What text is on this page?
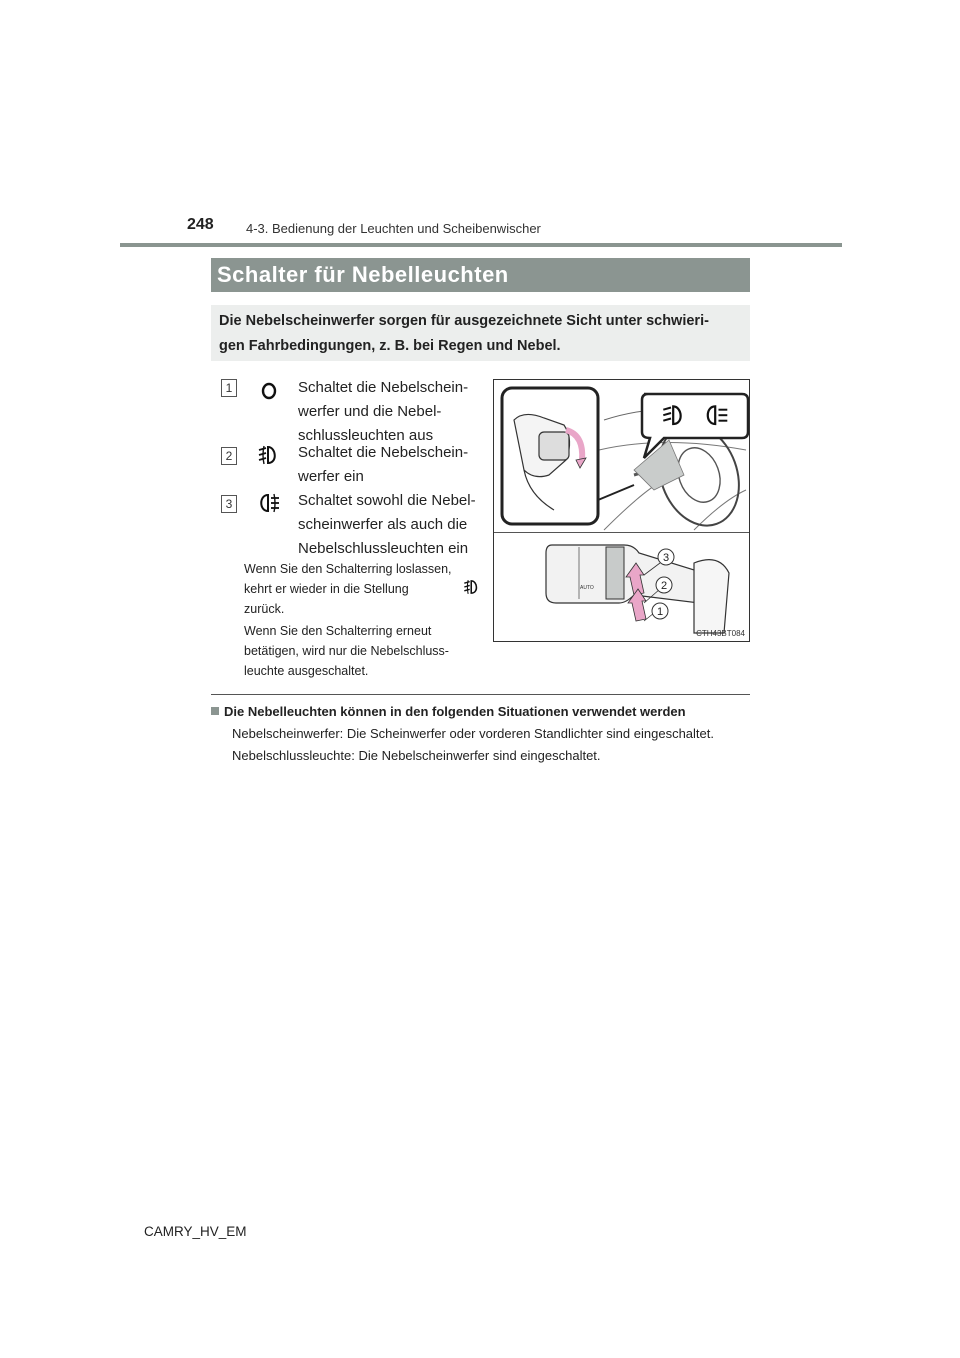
248 4-3. Bedienung der Leuchten und Scheibenwischer
Schalter für Nebelleuchten
Die Nebelscheinwerfer sorgen für ausgezeichnete Sicht unter schwieri-
gen Fahrbedingungen, z. B. bei Regen und Nebel.
1	Schaltet die Nebelschein-
werfer und die Nebel-
schlussleuchten aus
2	Schaltet die Nebelschein-
werfer ein
3	Schaltet sowohl die Nebel-
scheinwerfer als auch die
Nebelschlussleuchten ein
Wenn Sie den Schalterring loslassen,
kehrt er wieder in die Stellung
zurück.
Wenn Sie den Schalterring erneut
betätigen, wird nur die Nebelschluss-
leuchte ausgeschaltet.
AUTO
3
2
1
CTH43BT084
Die Nebelleuchten können in den folgenden Situationen verwendet werden
Nebelscheinwerfer: Die Scheinwerfer oder vorderen Standlichter sind eingeschaltet.
Nebelschlussleuchte: Die Nebelscheinwerfer sind eingeschaltet.
CAMRY_HV_EM
